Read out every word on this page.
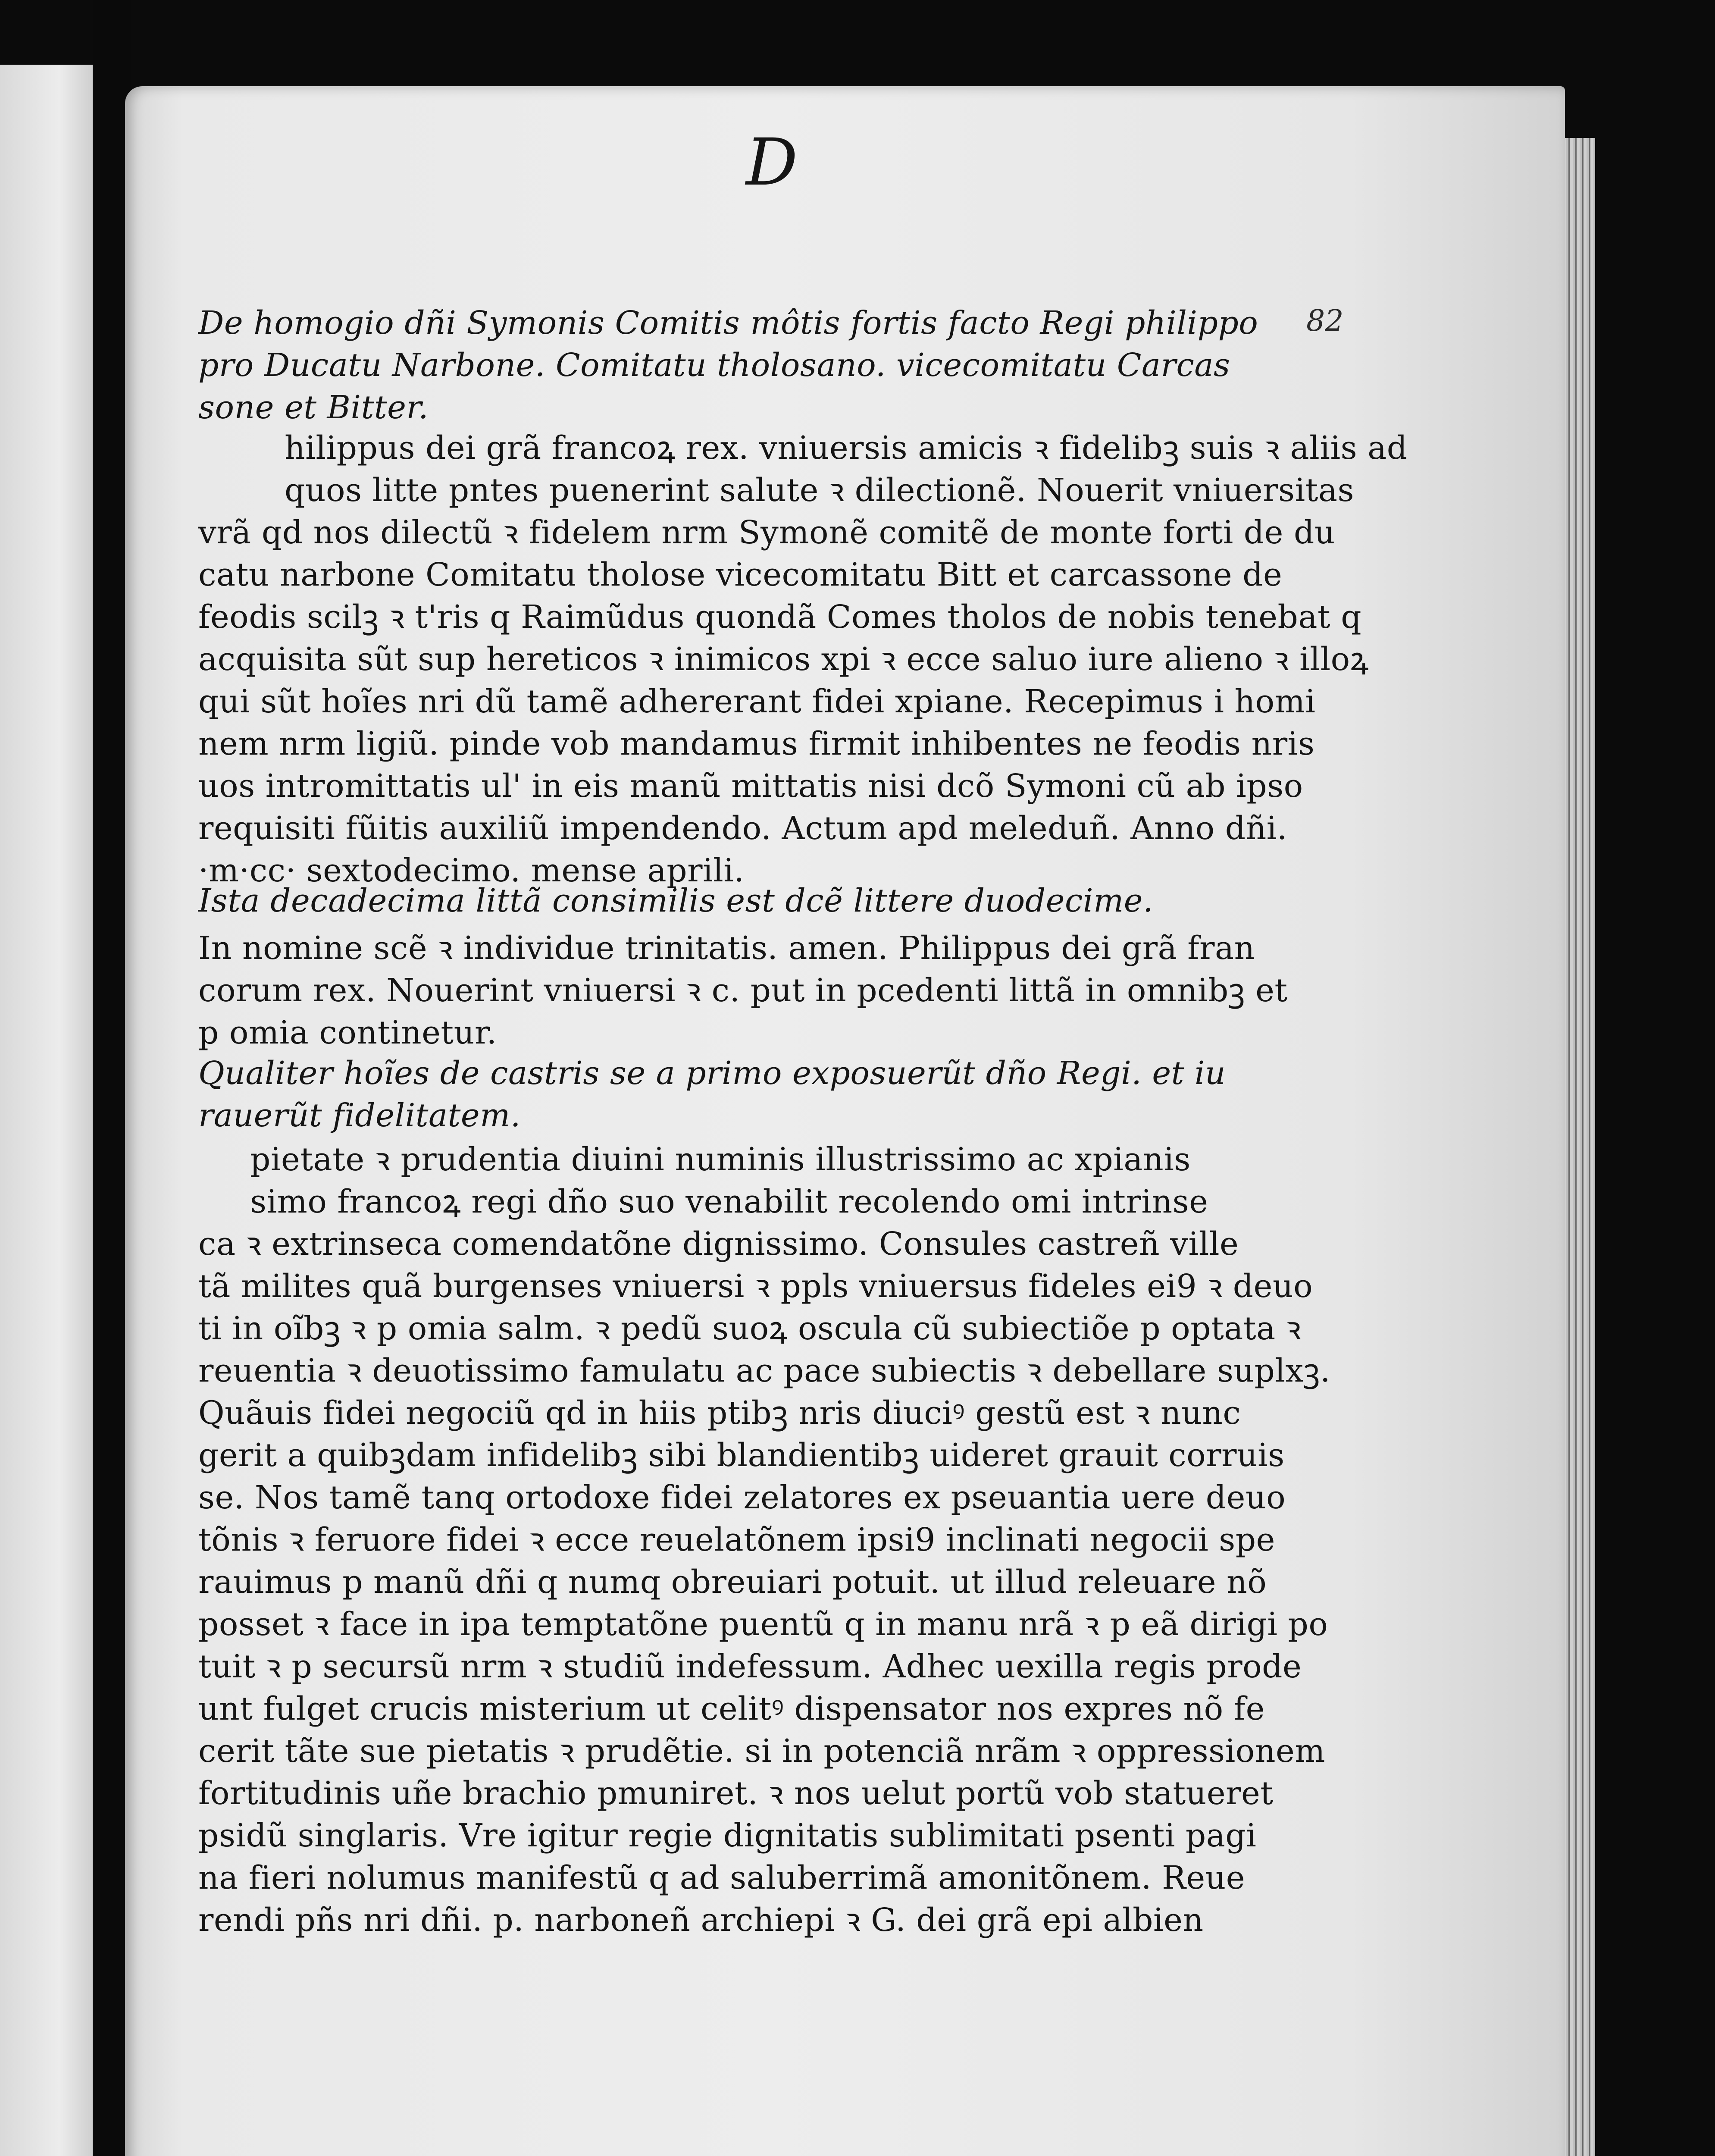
D
82
De homogio dñi Symonis Comitis môtis fortis facto Regi philippo
pro Ducatu Narbone. Comitatu tholosano. vicecomitatu Carcas
sone et Bitter.
hilippus dei grã francoꝝ rex. vniuersis amicis ꝛ fidelibꝫ suis ꝛ aliis ad
quos litte pntes puenerint salute ꝛ dilectionẽ. Nouerit vniuersitas
vrã qd nos dilectũ ꝛ fidelem nrm Symonẽ comitẽ de monte forti de du
catu narbone Comitatu tholose vicecomitatu Bitt et carcassone de
feodis scilꝫ ꝛ t'ris q Raimũdus quondã Comes tholos de nobis tenebat q
acquisita sũt sup hereticos ꝛ inimicos xpi ꝛ ecce saluo iure alieno ꝛ illoꝝ
qui sũt hoĩes nri dũ tamẽ adhererant fidei xpiane. Recepimus i homi
nem nrm ligiũ. pinde vob mandamus firmit inhibentes ne feodis nris
uos intromittatis ul' in eis manũ mittatis nisi dcõ Symoni cũ ab ipso
requisiti fũitis auxiliũ impendendo. Actum apd meleduñ. Anno dñi.
·m·cc· sextodecimo. mense aprili.
Ista decadecima littã consimilis est dcẽ littere duodecime.
In nomine scẽ ꝛ individue trinitatis. amen. Philippus dei grã fran
corum rex. Nouerint vniuersi ꝛ c. put in pcedenti littã in omnibꝫ et
p omia continetur.
Qualiter hoĩes de castris se a primo exposuerũt dño Regi. et iu
rauerũt fidelitatem.
pietate ꝛ prudentia diuini numinis illustrissimo ac xpianis
simo francoꝝ regi dño suo venabilit recolendo omi intrinse
ca ꝛ extrinseca comendatõne dignissimo. Consules castreñ ville
tã milites quã burgenses vniuersi ꝛ ppls vniuersus fideles ei9 ꝛ deuo
ti in oĩbꝫ ꝛ p omia salm. ꝛ pedũ suoꝝ oscula cũ subiectiõe p optata ꝛ
reuentia ꝛ deuotissimo famulatu ac pace subiectis ꝛ debellare suplxꝫ.
Quãuis fidei negociũ qd in hiis ptibꝫ nris diuciꝰ gestũ est ꝛ nunc
gerit a quibꝫdam infidelibꝫ sibi blandientibꝫ uideret grauit corruis
se. Nos tamẽ tanq ortodoxe fidei zelatores ex pseuantia uere deuo
tõnis ꝛ feruore fidei ꝛ ecce reuelatõnem ipsi9 inclinati negocii spe
rauimus p manũ dñi q numq obreuiari potuit. ut illud releuare nõ
posset ꝛ face in ipa temptatõne puentũ q in manu nrã ꝛ p eã dirigi po
tuit ꝛ p secursũ nrm ꝛ studiũ indefessum. Adhec uexilla regis prode
unt fulget crucis misterium ut celitꝰ dispensator nos expres nõ fe
cerit tãte sue pietatis ꝛ prudẽtie. si in potenciã nrãm ꝛ oppressionem
fortitudinis uñe brachio pmuniret. ꝛ nos uelut portũ vob statueret
psidũ singlaris. Vre igitur regie dignitatis sublimitati psenti pagi
na fieri nolumus manifestũ q ad saluberrimã amonitõnem. Reue
rendi pñs nri dñi. p. narboneñ archiepi ꝛ G. dei grã epi albien
